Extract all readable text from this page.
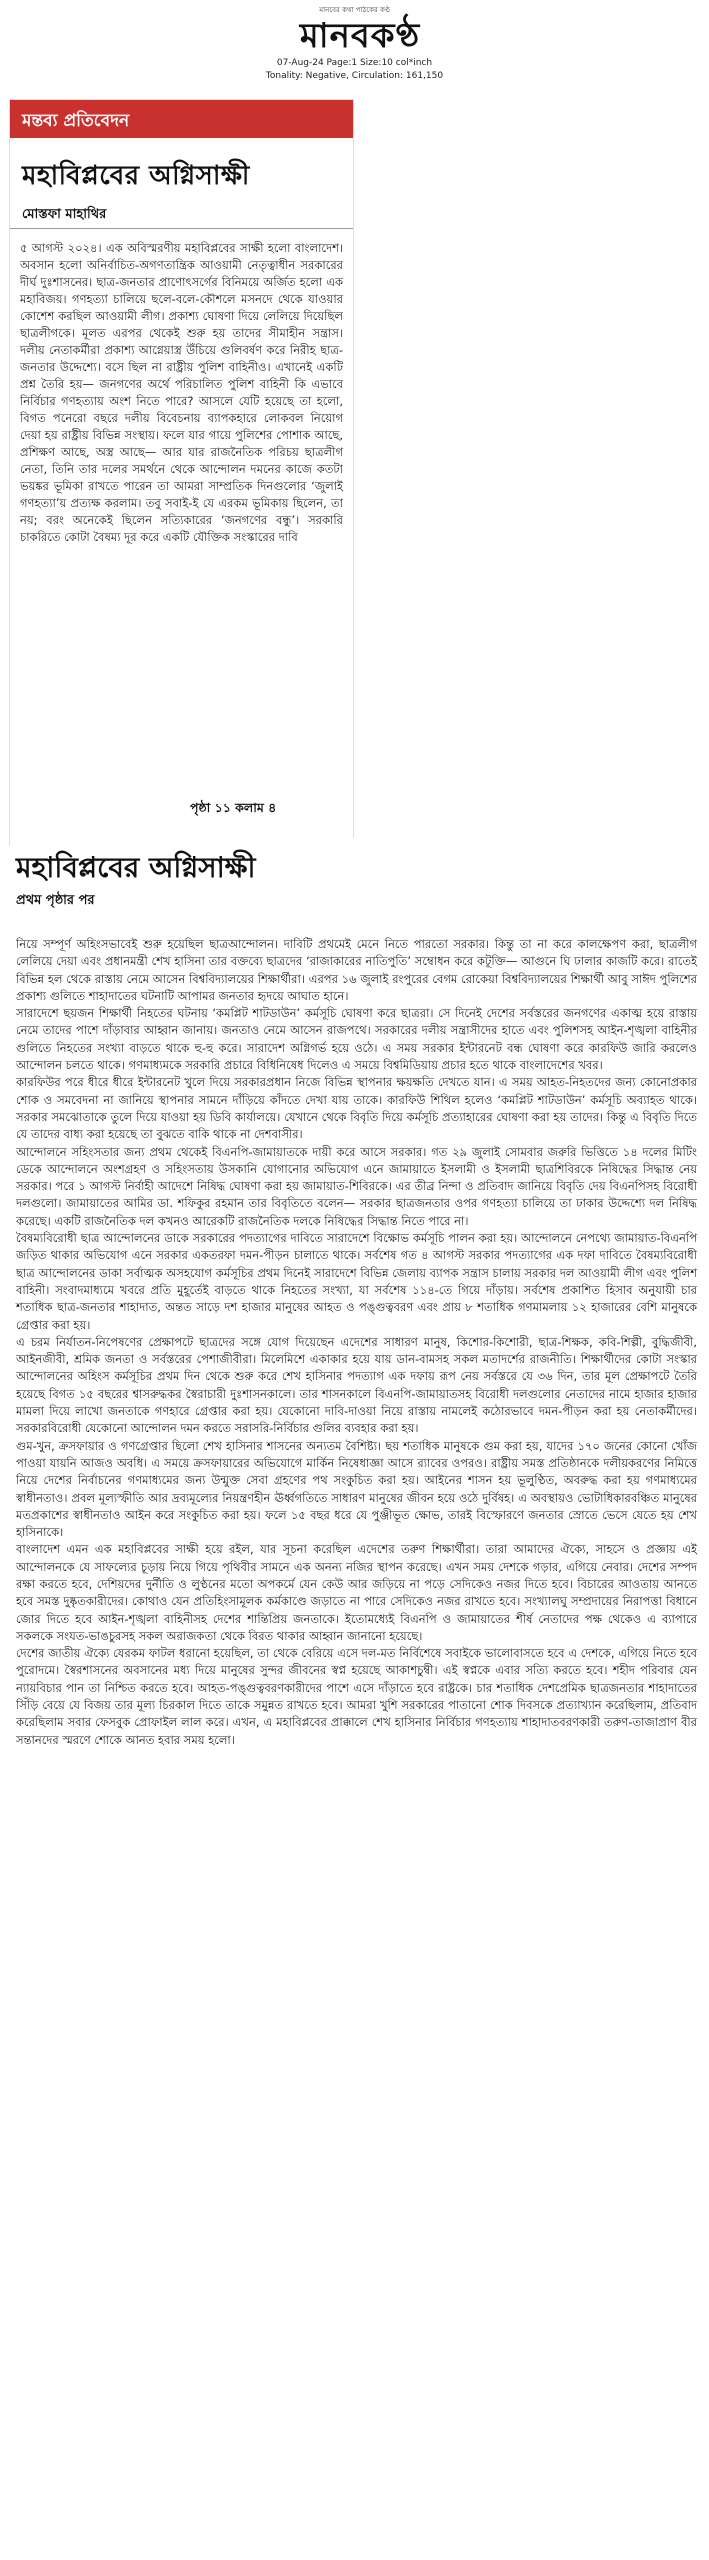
মানবের কথা পাঠকের কণ্ঠ
মানবকণ্ঠ
07-Aug-24 Page:1 Size:10 col*inch
Tonality: Negative, Circulation: 161,150
মন্তব্য প্রতিবেদন
মহাবিপ্লবের অগ্নিসাক্ষী
মোস্তফা মাহাথির
৫ আগস্ট ২০২৪। এক অবিস্মরণীয় মহাবিপ্লবের সাক্ষী হলো বাংলাদেশ। অবসান হলো অনির্বাচিত-অগণতান্ত্রিক আওয়ামী নেতৃত্বাধীন সরকারের দীর্ঘ দুঃশাসনের। ছাত্র-জনতার প্রাণোৎসর্গের বিনিময়ে অর্জিত হলো এক মহাবিজয়। গণহত্যা চালিয়ে ছলে-বলে-কৌশলে মসনদে থেকে যাওয়ার কোশেশ করছিল আওয়ামী লীগ। প্রকাশ্য ঘোষণা দিয়ে লেলিয়ে দিয়েছিল ছাত্রলীগকে। মূলত এরপর থেকেই শুরু হয় তাদের সীমাহীন সন্ত্রাস। দলীয় নেতাকর্মীরা প্রকাশ্য আগ্নেয়াস্ত্র উঁচিয়ে গুলিবর্ষণ করে নিরীহ ছাত্র-জনতার উদ্দেশ্যে। বসে ছিল না রাষ্ট্রীয় পুলিশ বাহিনীও। এখানেই একটি প্রশ্ন তৈরি হয়— জনগণের অর্থে পরিচালিত পুলিশ বাহিনী কি এভাবে নির্বিচার গণহত্যায় অংশ নিতে পারে? আসলে যেটি হয়েছে তা হলো, বিগত পনেরো বছরে দলীয় বিবেচনায় ব্যাপকহারে লোকবল নিয়োগ দেয়া হয় রাষ্ট্রীয় বিভিন্ন সংস্থায়। ফলে যার গায়ে পুলিশের পোশাক আছে, প্রশিক্ষণ আছে, অস্ত্র আছে— আর যার রাজনৈতিক পরিচয় ছাত্রলীগ নেতা, তিনি তার দলের সমর্থনে থেকে আন্দোলন দমনের কাজে কতটা ভয়ঙ্কর ভূমিকা রাখতে পারেন তা আমরা সাম্প্রতিক দিনগুলোর ‘জুলাই গণহত্যা’য় প্রত্যক্ষ করলাম। তবু সবাই-ই যে এরকম ভূমিকায় ছিলেন, তা নয়; বরং অনেকেই ছিলেন সত্যিকারের ‘জনগণের বন্ধু’। সরকারি চাকরিতে কোটা বৈষম্য দূর করে একটি যৌক্তিক সংস্কারের দাবি
পৃষ্ঠা ১১ কলাম ৪
মহাবিপ্লবের অগ্নিসাক্ষী
প্রথম পৃষ্ঠার পর

নিয়ে সম্পূর্ণ অহিংসভাবেই শুরু হয়েছিল ছাত্রআন্দোলন। দাবিটি প্রথমেই মেনে নিতে পারতো সরকার। কিন্তু তা না করে কালক্ষেপণ করা, ছাত্রলীগ লেলিয়ে দেয়া এবং প্রধানমন্ত্রী শেখ হাসিনা তার বক্তব্যে ছাত্রদের ‘রাজাকারের নাতিপুতি’ সম্বোধন করে কটূক্তি— আগুনে ঘি ঢালার কাজটি করে। রাতেই বিভিন্ন হল থেকে রাস্তায় নেমে আসেন বিশ্ববিদ্যালয়ের শিক্ষার্থীরা। এরপর ১৬ জুলাই রংপুরের বেগম রোকেয়া বিশ্ববিদ্যালয়ের শিক্ষার্থী আবু সাঈদ পুলিশের প্রকাশ্য গুলিতে শাহাদাতের ঘটনাটি আপামর জনতার হৃদয়ে আঘাত হানে।

সারাদেশে ছয়জন শিক্ষার্থী নিহতের ঘটনায় ‘কমপ্লিট শাটডাউন’ কর্মসূচি ঘোষণা করে ছাত্ররা। সে দিনেই দেশের সর্বস্তরের জনগণের একাত্ম হয়ে রাস্তায় নেমে তাদের পাশে দাঁড়াবার আহ্বান জানায়। জনতাও নেমে আসেন রাজপথে। সরকারের দলীয় সন্ত্রাসীদের হাতে এবং পুলিশসহ আইন-শৃঙ্খলা বাহিনীর গুলিতে নিহতের সংখ্যা বাড়তে থাকে হু-হু করে। সারাদেশ অগ্নিগর্ভ হয়ে ওঠে। এ সময় সরকার ইন্টারনেট বন্ধ ঘোষণা করে কারফিউ জারি করলেও আন্দোলন চলতে থাকে। গণমাধ্যমকে সরকারি প্রচারে বিধিনিষেধ দিলেও এ সময়ে বিশ্বমিডিয়ায় প্রচার হতে থাকে বাংলাদেশের খবর।

কারফিউর পরে ধীরে ধীরে ইন্টারনেট খুলে দিয়ে সরকারপ্রধান নিজে বিভিন্ন স্থাপনার ক্ষয়ক্ষতি দেখতে যান। এ সময় আহত-নিহতদের জন্য কোনোপ্রকার শোক ও সমবেদনা না জানিয়ে স্থাপনার সামনে দাঁড়িয়ে কাঁদতে দেখা যায় তাকে। কারফিউ শিথিল হলেও ‘কমপ্লিট শাটডাউন’ কর্মসূচি অব্যাহত থাকে। সরকার সমঝোতাকে তুলে দিয়ে যাওয়া হয় ডিবি কার্যালয়ে। যেখানে থেকে বিবৃতি দিয়ে কর্মসূচি প্রত্যাহারের ঘোষণা করা হয় তাদের। কিন্তু এ বিবৃতি দিতে যে তাদের বাধ্য করা হয়েছে তা বুঝতে বাকি থাকে না দেশবাসীর।

আন্দোলনে সহিংসতার জন্য প্রথম থেকেই বিএনপি-জামায়াতকে দায়ী করে আসে সরকার। গত ২৯ জুলাই সোমবার জরুরি ভিত্তিতে ১৪ দলের মিটিং ডেকে আন্দোলনে অংশগ্রহণ ও সহিংসতায় উসকানি যোগানোর অভিযোগ এনে জামায়াতে ইসলামী ও ইসলামী ছাত্রশিবিরকে নিষিদ্ধের সিদ্ধান্ত নেয় সরকার। পরে ১ আগস্ট নির্বাহী আদেশে নিষিদ্ধ ঘোষণা করা হয় জামায়াত-শিবিরকে। এর তীব্র নিন্দা ও প্রতিবাদ জানিয়ে বিবৃতি দেয় বিএনপিসহ বিরোধী দলগুলো। জামায়াতের আমির ডা. শফিকুর রহমান তার বিবৃতিতে বলেন— সরকার ছাত্রজনতার ওপর গণহত্যা চালিয়ে তা ঢাকার উদ্দেশ্যে দল নিষিদ্ধ করেছে। একটি রাজনৈতিক দল কখনও আরেকটি রাজনৈতিক দলকে নিষিদ্ধের সিদ্ধান্ত নিতে পারে না।

বৈষম্যবিরোধী ছাত্র আন্দোলনের ডাকে সরকারের পদত্যাগের দাবিতে সারাদেশে বিক্ষোভ কর্মসূচি পালন করা হয়। আন্দোলনে নেপথ্যে জামায়াত-বিএনপি জড়িত থাকার অভিযোগ এনে সরকার একতরফা দমন-পীড়ন চালাতে থাকে। সর্বশেষ গত ৪ আগস্ট সরকার পদত্যাগের এক দফা দাবিতে বৈষম্যবিরোধী ছাত্র আন্দোলনের ডাকা সর্বাত্মক অসহযোগ কর্মসূচির প্রথম দিনেই সারাদেশে বিভিন্ন জেলায় ব্যাপক সন্ত্রাস চালায় সরকার দল আওয়ামী লীগ এবং পুলিশ বাহিনী। সংবাদমাধ্যমে খবরে প্রতি মুহূর্তেই বাড়তে থাকে নিহতের সংখ্যা, যা সর্বশেষ ১১৪-তে গিয়ে দাঁড়ায়। সর্বশেষ প্রকাশিত হিসাব অনুযায়ী চার শতাধিক ছাত্র-জনতার শাহাদাত, অন্তত সাড়ে দশ হাজার মানুষের আহত ও পঙ্গুত্ববরণ এবং প্রায় ৮ শতাধিক গণমামলায় ১২ হাজারের বেশি মানুষকে গ্রেপ্তার করা হয়।

এ চরম নির্যাতন-নিপেষণের প্রেক্ষাপটে ছাত্রদের সঙ্গে যোগ দিয়েছেন এদেশের সাধারণ মানুষ, কিশোর-কিশোরী, ছাত্র-শিক্ষক, কবি-শিল্পী, বুদ্ধিজীবী, আইনজীবী, শ্রমিক জনতা ও সর্বস্তরের পেশাজীবীরা। মিলেমিশে একাকার হয়ে যায় ডান-বামসহ সকল মতাদর্শের রাজনীতি। শিক্ষার্থীদের কোটা সংস্কার আন্দোলনের অহিংস কর্মসূচির প্রথম দিন থেকে শুরু করে শেখ হাসিনার পদত্যাগ এক দফায় রূপ নেয় সর্বস্তরে যে ৩৬ দিন, তার মূল প্রেক্ষাপটে তৈরি হয়েছে বিগত ১৫ বছরের শ্বাসরুদ্ধকর স্বৈরাচারী দুঃশাসনকালে। তার শাসনকালে বিএনপি-জামায়াতসহ বিরোধী দলগুলোর নেতাদের নামে হাজার হাজার মামলা দিয়ে লাখো জনতাকে গণহারে গ্রেপ্তার করা হয়। যেকোনো দাবি-দাওয়া নিয়ে রাস্তায় নামলেই কঠোরভাবে দমন-পীড়ন করা হয় নেতাকর্মীদের। সরকারবিরোধী যেকোনো আন্দোলন দমন করতে সরাসরি-নির্বিচার গুলির ব্যবহার করা হয়।

গুম-খুন, ক্রসফায়ার ও গণগ্রেপ্তার ছিলো শেখ হাসিনার শাসনের অন্যতম বৈশিষ্ট্য। ছয় শতাধিক মানুষকে গুম করা হয়, যাদের ১৭০ জনের কোনো খোঁজ পাওয়া যায়নি আজও অবধি। এ সময়ে ক্রসফায়ারের অভিযোগে মার্কিন নিষেধাজ্ঞা আসে র‌্যাবের ওপরও। রাষ্ট্রীয় সমস্ত প্রতিষ্ঠানকে দলীয়করণের নিমিত্তে নিয়ে দেশের নির্বাচনের গণমাধ্যমের জন্য উন্মুক্ত সেবা গ্রহণের পথ সংকুচিত করা হয়। আইনের শাসন হয় ভূলুণ্ঠিত, অবরুদ্ধ করা হয় গণমাধ্যমের স্বাধীনতাও। প্রবল মূল্যস্ফীতি আর দ্রব্যমূল্যের নিয়ন্ত্রণহীন ঊর্ধ্বগতিতে সাধারণ মানুষের জীবন হয়ে ওঠে দুর্বিষহ। এ অবস্থায়ও ভোটাধিকারবঞ্চিত মানুষের মতপ্রকাশের স্বাধীনতাও আইন করে সংকুচিত করা হয়। ফলে ১৫ বছর ধরে যে পুঞ্জীভূত ক্ষোভ, তারই বিস্ফোরণে জনতার স্রোতে ভেসে যেতে হয় শেখ হাসিনাকে।

বাংলাদেশ এমন এক মহাবিপ্লবের সাক্ষী হয়ে রইল, যার সূচনা করেছিল এদেশের তরুণ শিক্ষার্থীরা। তারা আমাদের ঐক্যে, সাহসে ও প্রজ্ঞায় এই আন্দোলনকে যে সাফল্যের চূড়ায় নিয়ে গিয়ে পৃথিবীর সামনে এক অনন্য নজির স্থাপন করেছে। এখন সময় দেশকে গড়ার, এগিয়ে নেবার। দেশের সম্পদ রক্ষা করতে হবে, দেশিয়দের দুর্নীতি ও লুণ্ঠনের মতো অপকর্মে যেন কেউ আর জড়িয়ে না পড়ে সেদিকেও নজর দিতে হবে। বিচারের আওতায় আনতে হবে সমস্ত দুষ্কৃতকারীদের। কোথাও যেন প্রতিহিংসামূলক কর্মকাণ্ডে জড়াতে না পারে সেদিকেও নজর রাখতে হবে। সংখ্যালঘু সম্প্রদায়ের নিরাপত্তা বিধানে জোর দিতে হবে আইন-শৃঙ্খলা বাহিনীসহ দেশের শান্তিপ্রিয় জনতাকে। ইতোমধ্যেই বিএনপি ও জামায়াতের শীর্ষ নেতাদের পক্ষ থেকেও এ ব্যাপারে সকলকে সংযত-ভাঙচুরসহ সকল অরাজকতা থেকে বিরত থাকার আহ্বান জানানো হয়েছে।

দেশের জাতীয় ঐক্যে যেরকম ফাটল ধরানো হয়েছিল, তা থেকে বেরিয়ে এসে দল-মত নির্বিশেষে সবাইকে ভালোবাসতে হবে এ দেশকে, এগিয়ে নিতে হবে পুরোদমে। স্বৈরশাসনের অবসানের মধ্য দিয়ে মানুষের সুন্দর জীবনের স্বপ্ন হয়েছে আকাশচুম্বী। এই স্বপ্নকে এবার সত্যি করতে হবে। শহীদ পরিবার যেন ন্যায়বিচার পান তা নিশ্চিত করতে হবে। আহত-পঙ্গুত্ববরণকারীদের পাশে এসে দাঁড়াতে হবে রাষ্ট্রকে। চার শতাধিক দেশপ্রেমিক ছাত্রজনতার শাহাদাতের সিঁড়ি বেয়ে যে বিজয় তার মূল্য চিরকাল দিতে তাকে সমুন্নত রাখতে হবে। আমরা খুশি সরকারের পাতানো শোক দিবসকে প্রত্যাখ্যান করেছিলাম, প্রতিবাদ করেছিলাম সবার ফেসবুক প্রোফাইল লাল করে। এখন, এ মহাবিপ্লবের প্রাক্কালে শেখ হাসিনার নির্বিচার গণহত্যায় শাহাদাতবরণকারী তরুণ-তাজাপ্রাণ বীর সন্তানদের স্মরণে শোকে আনত হবার সময় হলো।
